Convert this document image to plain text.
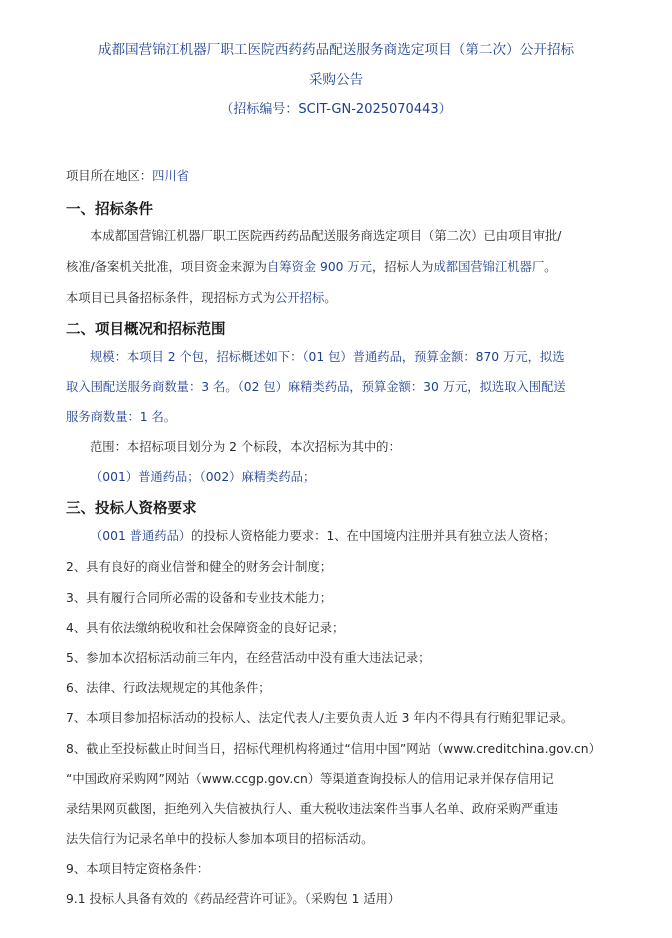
成都国营锦江机器厂职工医院西药药品配送服务商选定项目（第二次）公开招标
采购公告
（招标编号：SCIT-GN-2025070443）
项目所在地区：四川省
一、招标条件
本成都国营锦江机器厂职工医院西药药品配送服务商选定项目（第二次）已由项目审批/
核准/备案机关批准，项目资金来源为自筹资金 900 万元，招标人为成都国营锦江机器厂。
本项目已具备招标条件，现招标方式为公开招标。
二、项目概况和招标范围
规模：本项目 2 个包，招标概述如下：（01 包）普通药品，预算金额：870 万元，拟选
取入围配送服务商数量：3 名。（02 包）麻精类药品，预算金额：30 万元，拟选取入围配送
服务商数量：1 名。
范围：本招标项目划分为 2 个标段，本次招标为其中的：
（001）普通药品；（002）麻精类药品；
三、投标人资格要求
（001 普通药品）的投标人资格能力要求：1、在中国境内注册并具有独立法人资格；
2、具有良好的商业信誉和健全的财务会计制度；
3、具有履行合同所必需的设备和专业技术能力；
4、具有依法缴纳税收和社会保障资金的良好记录；
5、参加本次招标活动前三年内，在经营活动中没有重大违法记录；
6、法律、行政法规规定的其他条件；
7、本项目参加招标活动的投标人、法定代表人/主要负责人近 3 年内不得具有行贿犯罪记录。
8、截止至投标截止时间当日，招标代理机构将通过“信用中国”网站（www.creditchina.gov.cn）
“中国政府采购网”网站（www.ccgp.gov.cn）等渠道查询投标人的信用记录并保存信用记
录结果网页截图，拒绝列入失信被执行人、重大税收违法案件当事人名单、政府采购严重违
法失信行为记录名单中的投标人参加本项目的招标活动。
9、本项目特定资格条件：
9.1 投标人具备有效的《药品经营许可证》。（采购包 1 适用）
